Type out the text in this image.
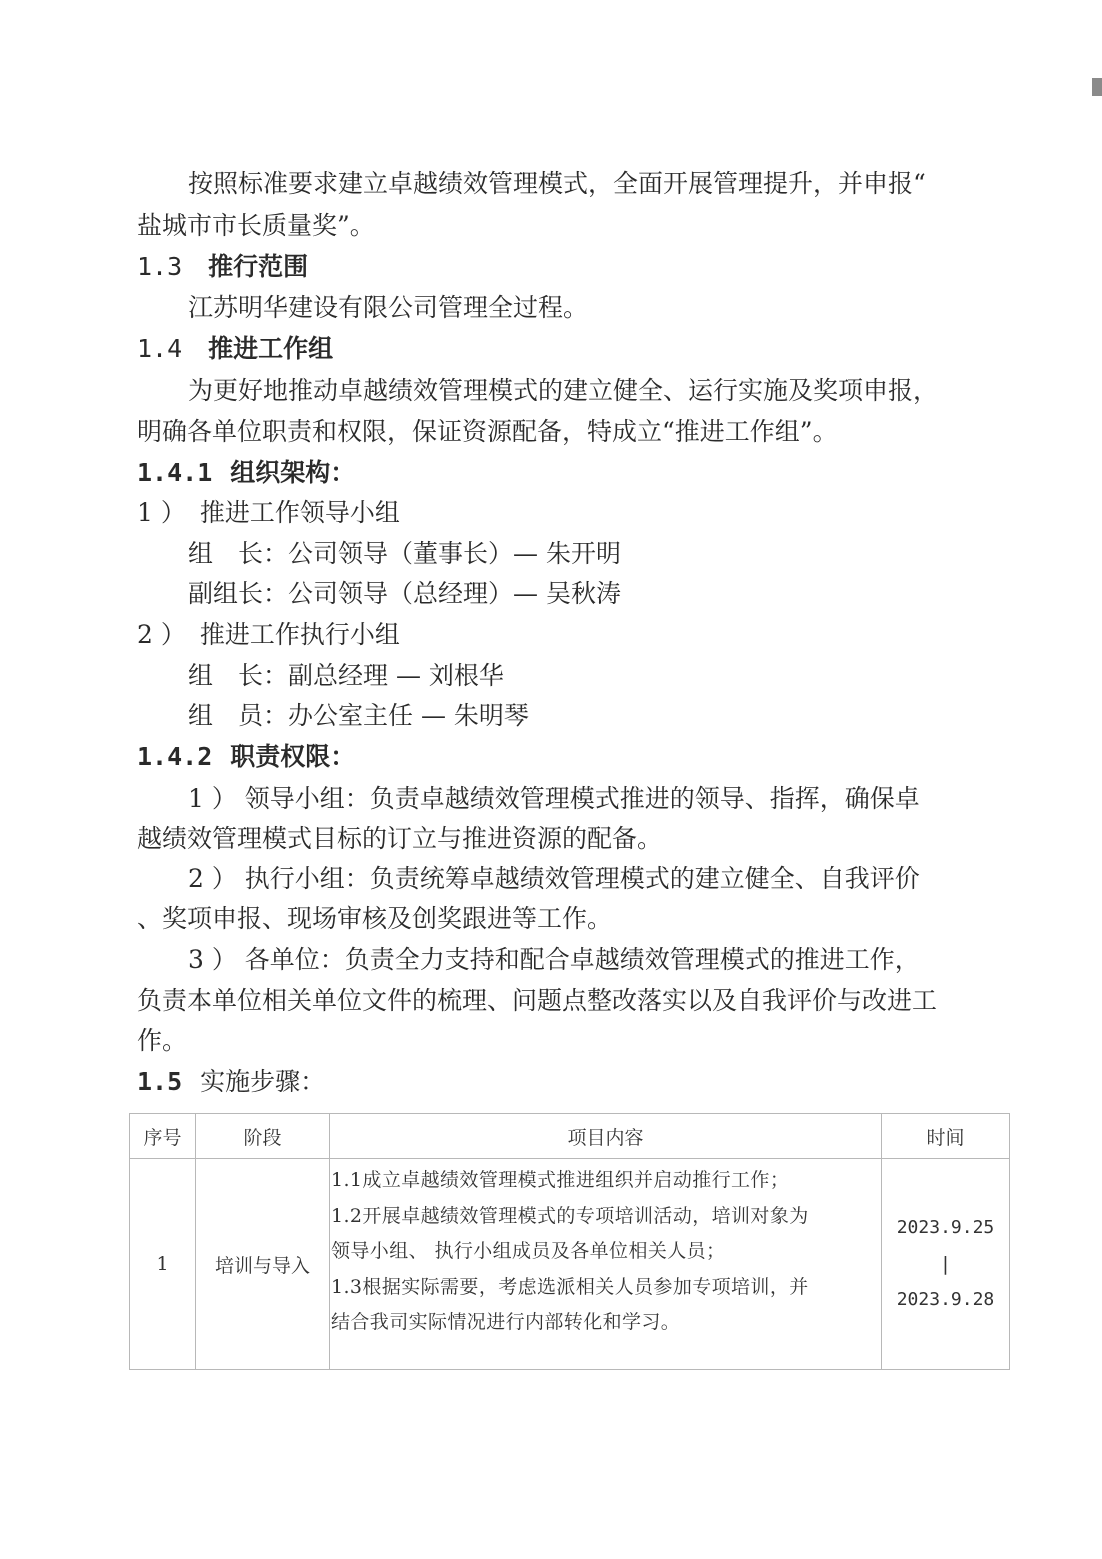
按照标准要求建立卓越绩效管理模式，全面开展管理提升，并申报“
盐城市市长质量奖”。
1.3 推行范围
江苏明华建设有限公司管理全过程。
1.4 推进工作组
为更好地推动卓越绩效管理模式的建立健全、运行实施及奖项申报，
明确各单位职责和权限，保证资源配备，特成立“推进工作组”。
1.4.1 组织架构：
1 ） 推进工作领导小组
组　长：公司领导（董事长）— 朱开明
副组长：公司领导（总经理）— 吴秋涛
2 ） 推进工作执行小组
组　长：副总经理 — 刘根华
组　员：办公室主任 — 朱明琴
1.4.2 职责权限：
1 ） 领导小组：负责卓越绩效管理模式推进的领导、指挥，确保卓
越绩效管理模式目标的订立与推进资源的配备。
2 ） 执行小组：负责统筹卓越绩效管理模式的建立健全、自我评价
、奖项申报、现场审核及创奖跟进等工作。
3 ） 各单位：负责全力支持和配合卓越绩效管理模式的推进工作，
负责本单位相关单位文件的梳理、问题点整改落实以及自我评价与改进工
作。
1.5 实施步骤：
序号	阶段	项目内容	时间
1	培训与导入	1.1成立卓越绩效管理模式推进组织并启动推行工作；
1.2开展卓越绩效管理模式的专项培训活动，培训对象为
领导小组、 执行小组成员及各单位相关人员；
1.3根据实际需要，考虑选派相关人员参加专项培训，并
结合我司实际情况进行内部转化和学习。	2023.9.25
|
2023.9.28
